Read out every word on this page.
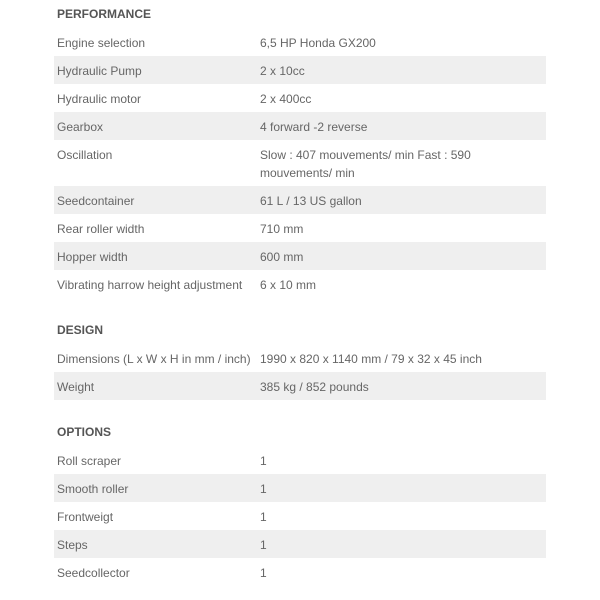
PERFORMANCE
Engine selection	6,5 HP Honda GX200
Hydraulic Pump	2 x 10cc
Hydraulic motor	2 x 400cc
Gearbox	4 forward -2 reverse
Oscillation	Slow : 407 mouvements/ min Fast : 590 mouvements/ min
Seedcontainer	61 L / 13 US gallon
Rear roller width	710 mm
Hopper width	600 mm
Vibrating harrow height adjustment	6 x 10 mm
DESIGN
Dimensions (L x W x H in mm / inch)	1990 x 820 x 1140 mm / 79 x 32 x 45 inch
Weight	385 kg / 852 pounds
OPTIONS
Roll scraper	1
Smooth roller	1
Frontweigt	1
Steps	1
Seedcollector	1
